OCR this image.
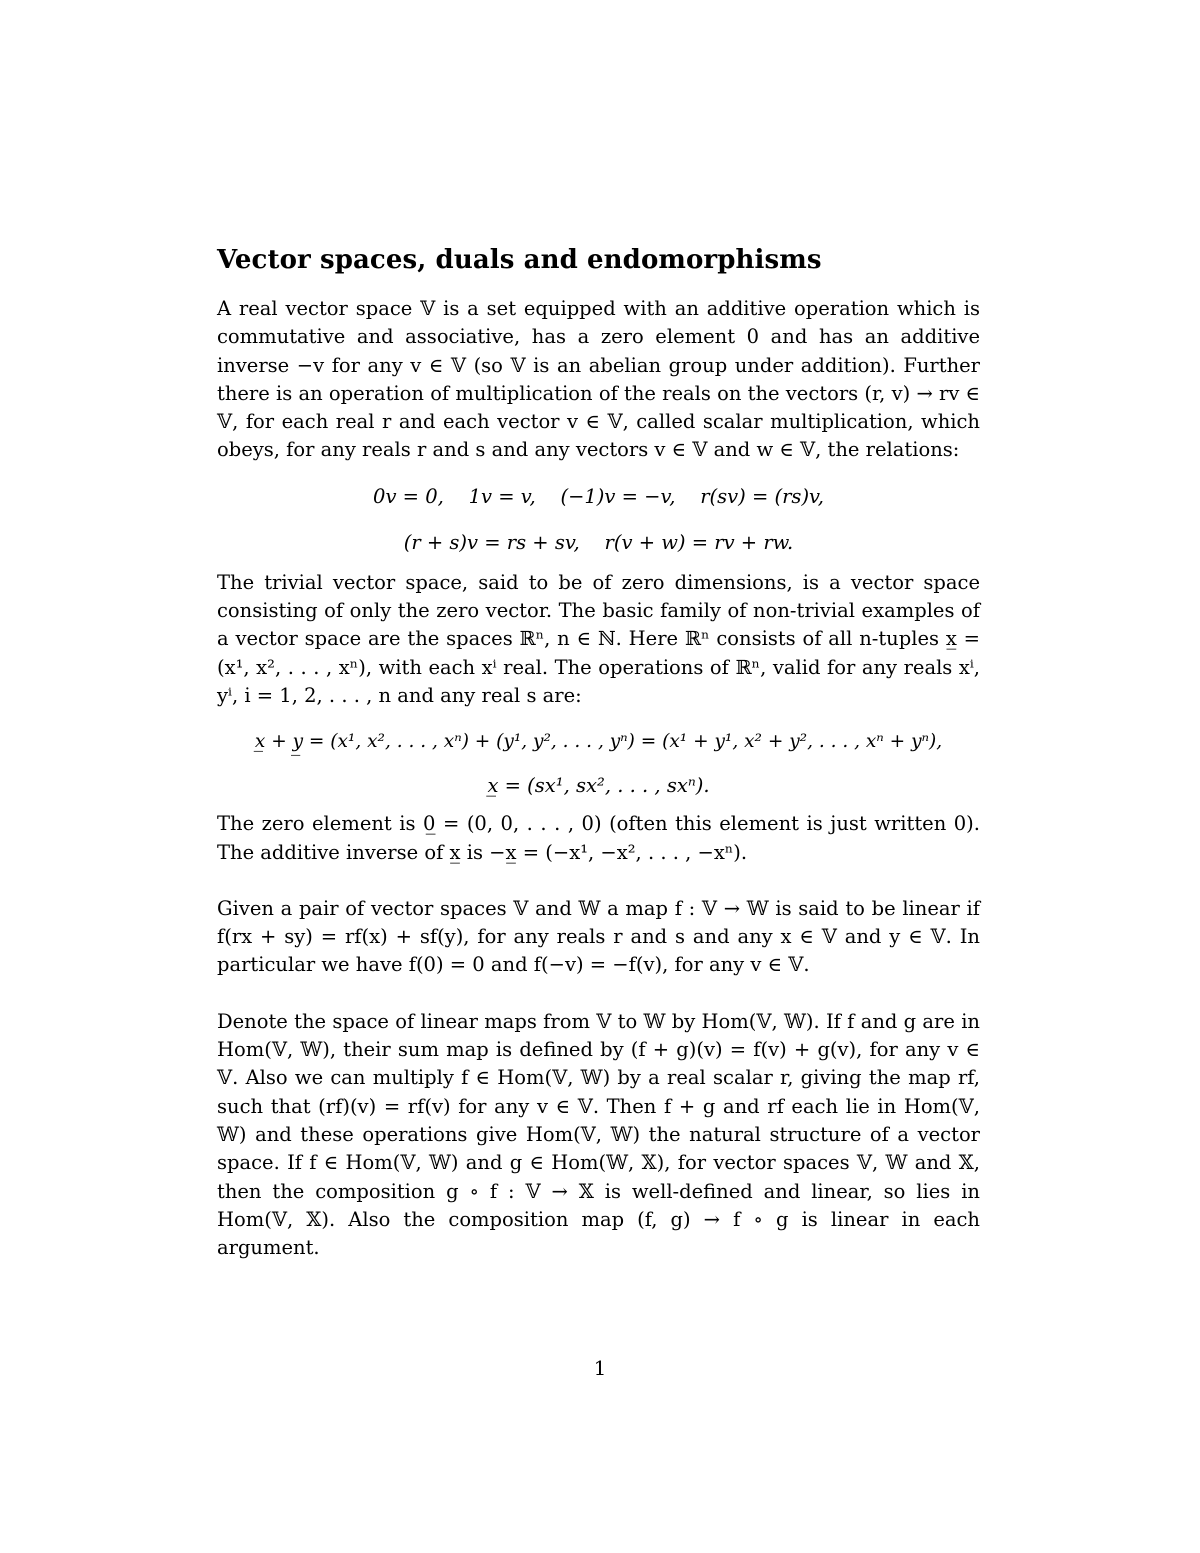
Vector spaces, duals and endomorphisms

A real vector space 𝕍 is a set equipped with an additive operation which is commutative and associative, has a zero element 0 and has an additive inverse −v for any v ∈ 𝕍 (so 𝕍 is an abelian group under addition). Further there is an operation of multiplication of the reals on the vectors (r, v) → rv ∈ 𝕍, for each real r and each vector v ∈ 𝕍, called scalar multiplication, which obeys, for any reals r and s and any vectors v ∈ 𝕍 and w ∈ 𝕍, the relations:

0v = 0,    1v = v,    (−1)v = −v,    r(sv) = (rs)v,
(r + s)v = rs + sv,    r(v + w) = rv + rw.

The trivial vector space, said to be of zero dimensions, is a vector space consisting of only the zero vector. The basic family of non-trivial examples of a vector space are the spaces ℝⁿ, n ∈ ℕ. Here ℝⁿ consists of all n-tuples x̲ = (x¹, x², . . . , xⁿ), with each xⁱ real. The operations of ℝⁿ, valid for any reals xⁱ, yⁱ, i = 1, 2, . . . , n and any real s are:

x̲ + y̲ = (x¹, x², . . . , xⁿ) + (y¹, y², . . . , yⁿ) = (x¹ + y¹, x² + y², . . . , xⁿ + yⁿ),
x̲ = (sx¹, sx², . . . , sxⁿ).

The zero element is 0̲ = (0, 0, . . . , 0) (often this element is just written 0). The additive inverse of x̲ is −x̲ = (−x¹, −x², . . . , −xⁿ).

Given a pair of vector spaces 𝕍 and 𝕎 a map f : 𝕍 → 𝕎 is said to be linear if f(rx + sy) = rf(x) + sf(y), for any reals r and s and any x ∈ 𝕍 and y ∈ 𝕍. In particular we have f(0) = 0 and f(−v) = −f(v), for any v ∈ 𝕍.

Denote the space of linear maps from 𝕍 to 𝕎 by Hom(𝕍, 𝕎). If f and g are in Hom(𝕍, 𝕎), their sum map is defined by (f + g)(v) = f(v) + g(v), for any v ∈ 𝕍. Also we can multiply f ∈ Hom(𝕍, 𝕎) by a real scalar r, giving the map rf, such that (rf)(v) = rf(v) for any v ∈ 𝕍. Then f + g and rf each lie in Hom(𝕍, 𝕎) and these operations give Hom(𝕍, 𝕎) the natural structure of a vector space. If f ∈ Hom(𝕍, 𝕎) and g ∈ Hom(𝕎, 𝕏), for vector spaces 𝕍, 𝕎 and 𝕏, then the composition g ∘ f : 𝕍 → 𝕏 is well-defined and linear, so lies in Hom(𝕍, 𝕏). Also the composition map (f, g) → f ∘ g is linear in each argument.

1
